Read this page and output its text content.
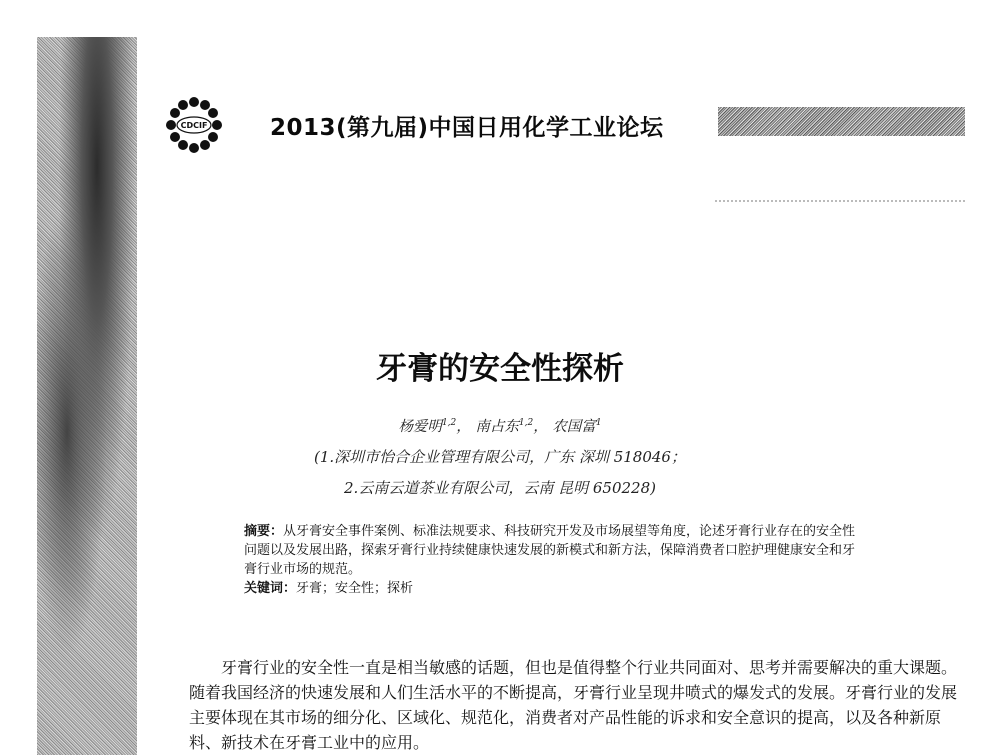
CDCIF	2013(第九届)中国日用化学工业论坛
牙膏的安全性探析
杨爱明$^{1,2}$， 南占东$^{1,2}$， 农国富$^1$
(1.深圳市怡合企业管理有限公司，广东 深圳 518046；
2.云南云道茶业有限公司，云南 昆明 650228)

摘要：从牙膏安全事件案例、标准法规要求、科技研究开发及市场展望等角度，论述牙膏行业存在的安全性问题以及发展出路，探索牙膏行业持续健康快速发展的新模式和新方法，保障消费者口腔护理健康安全和牙膏行业市场的规范。

关键词：牙膏；安全性；探析

牙膏行业的安全性一直是相当敏感的话题，但也是值得整个行业共同面对、思考并需要解决的重大课题。随着我国经济的快速发展和人们生活水平的不断提高，牙膏行业呈现井喷式的爆发式的发展。牙膏行业的发展主要体现在其市场的细分化、区域化、规范化，消费者对产品性能的诉求和安全意识的提高，以及各种新原料、新技术在牙膏工业中的应用。
